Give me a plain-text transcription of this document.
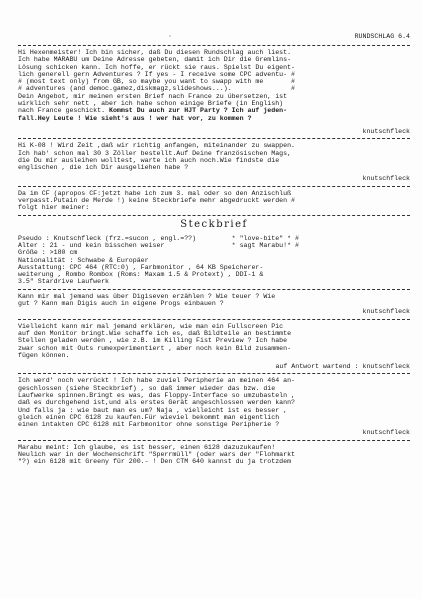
·	RUNDSCHLAG 6.4
Hi Hexenmeister! Ich bin sicher, daß Du diesen Rundschlag auch liest.
Ich habe MARABU um Deine Adresse gebeten, damit ich Dir die Gremlins-
Lösung schicken kann. Ich hoffe, er rückt sie raus. Spielst Du eigent-
lich generell gern Adventures ? If yes - I receive some CPC adventu- #
# (most text only) from GB, so maybe you want to swapp with me       #
# adventures (and democ.gamez,diskmagz,slideshows...).               #
Dein Angebot, mir meinen ersten Brief nach France zu übersetzen, ist
wirklich sehr nett , aber ich habe schon einige Briefe (in English)
nach France geschickt. Kommst Du auch zur HJT Party ? Ich auf jeden-
fall.Hey Leute ! Wie sieht's aus ! wer hat vor, zu kommen ?
knutschfleck
Hi K-08 ! Wird Zeit ,daß wir richtig anfangen, miteinander zu swappen.
Ich hab' schon mal 30 3 Zöller bestellt.Auf Deine französischen Mags,
die Du mir ausleihen wolltest, warte ich auch noch.Wie findste die
englischen , die ich Dir ausgeliehen habe ?
knutschfleck
Da im CF (apropos CF:jetzt habe ich zum 3. mal oder so den Anzischluß
verpasst.Putain de Merde !) keine Steckbriefe mehr abgedruckt werden #
folgt hier meiner:
Steckbrief
Pseudo : Knutschfleck (frz.=sucon , engl.=??)         * "love-bite" * #
Alter : 21 - und kein bisschen weiser                 * sagt Marabu!* #
Größe : >180 cm
Nationalität : Schwabe & Europäer
Ausstattung: CPC 464 (RTC:0) , Farbmonitor , 64 KB Speicherer-
weiterung , Rombo Rombox (Roms: Maxam 1.5 & Protext) , DDI-1 &
3.5" Stardrive Laufwerk
Kann mir mal jemand was über Digiseven erzählen ? Wie teuer ? Wie
gut ? Kann man Digis auch in eigene Progs einbauen ?
knutschfleck
Vielleicht kann mir mal jemand erklären, wie man ein Fullscreen Pic
auf den Monitor bringt.Wie schaffe ich es, daß Bildteile an bestimmte
Stellen geladen werden , wie z.B. im Killing Fist Preview ? Ich habe
zwar schon mit Outs rumexperimentiert , aber noch kein Bild zusammen-
fügen können.
auf Antwort wartend : knutschfleck
Ich werd' noch verrückt ! Ich habe zuviel Peripherie an meinen 464 an-
geschlossen (siehe Steckbrief) , so daß immer wieder das bzw. die
Laufwerke spinnen.Bringt es was, das Floppy-Interface so umzubasteln ,
daß es durchgehend ist,und als erstes Gerät angeschlossen werden kann?
Und falls ja : wie baut man es um? Naja , vielleicht ist es besser ,
gleich einen CPC 6128 zu kaufen.Für wieviel bekommt man eigentlich
einen intakten CPC 6128 mit Farbmonitor ohne sonstige Peripherie ?
knutschfleck
Marabu meint: Ich glaube, es ist besser, einen 6128 dazuzukaufen!
Neulich war in der Wochenschrift "Sperrmüll" (oder wars der "Flohmarkt
"?) ein 6128 mit Greeny für 200.- ! Den CTM 640 kannst du ja trotzdem
